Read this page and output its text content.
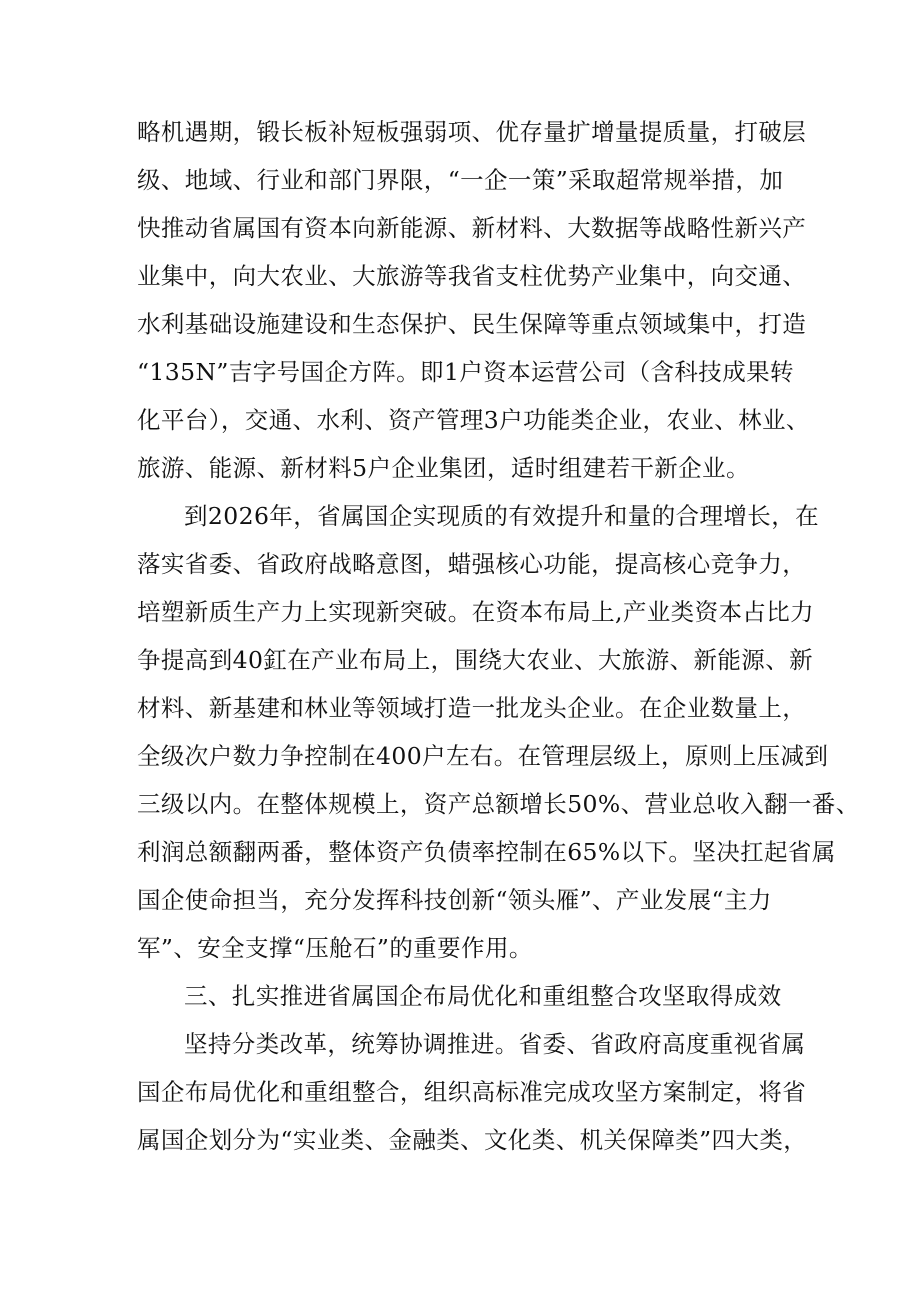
略机遇期，锻长板补短板强弱项、优存量扩增量提质量，打破层
级、地域、行业和部门界限，“一企一策”采取超常规举措，加
快推动省属国有资本向新能源、新材料、大数据等战略性新兴产
业集中，向大农业、大旅游等我省支柱优势产业集中，向交通、
水利基础设施建设和生态保护、民生保障等重点领域集中，打造
“135N”吉字号国企方阵。即1户资本运营公司（含科技成果转
化平台），交通、水利、资产管理3户功能类企业，农业、林业、
旅游、能源、新材料5户企业集团，适时组建若干新企业。
到2026年，省属国企实现质的有效提升和量的合理增长，在
落实省委、省政府战略意图，蜡强核心功能，提高核心竞争力，
培塑新质生产力上实现新突破。在资本布局上,产业类资本占比力
争提高到40釭在产业布局上，围绕大农业、大旅游、新能源、新
材料、新基建和林业等领域打造一批龙头企业。在企业数量上，
全级次户数力争控制在400户左右。在管理层级上，原则上压减到
三级以内。在整体规模上，资产总额增长50%、营业总收入翻一番、
利润总额翻两番，整体资产负债率控制在65%以下。坚决扛起省属
国企使命担当，充分发挥科技创新“领头雁”、产业发展“主力
军”、安全支撑“压舱石”的重要作用。
三、扎实推进省属国企布局优化和重组整合攻坚取得成效
坚持分类改革，统筹协调推进。省委、省政府高度重视省属
国企布局优化和重组整合，组织高标准完成攻坚方案制定，将省
属国企划分为“实业类、金融类、文化类、机关保障类”四大类，
